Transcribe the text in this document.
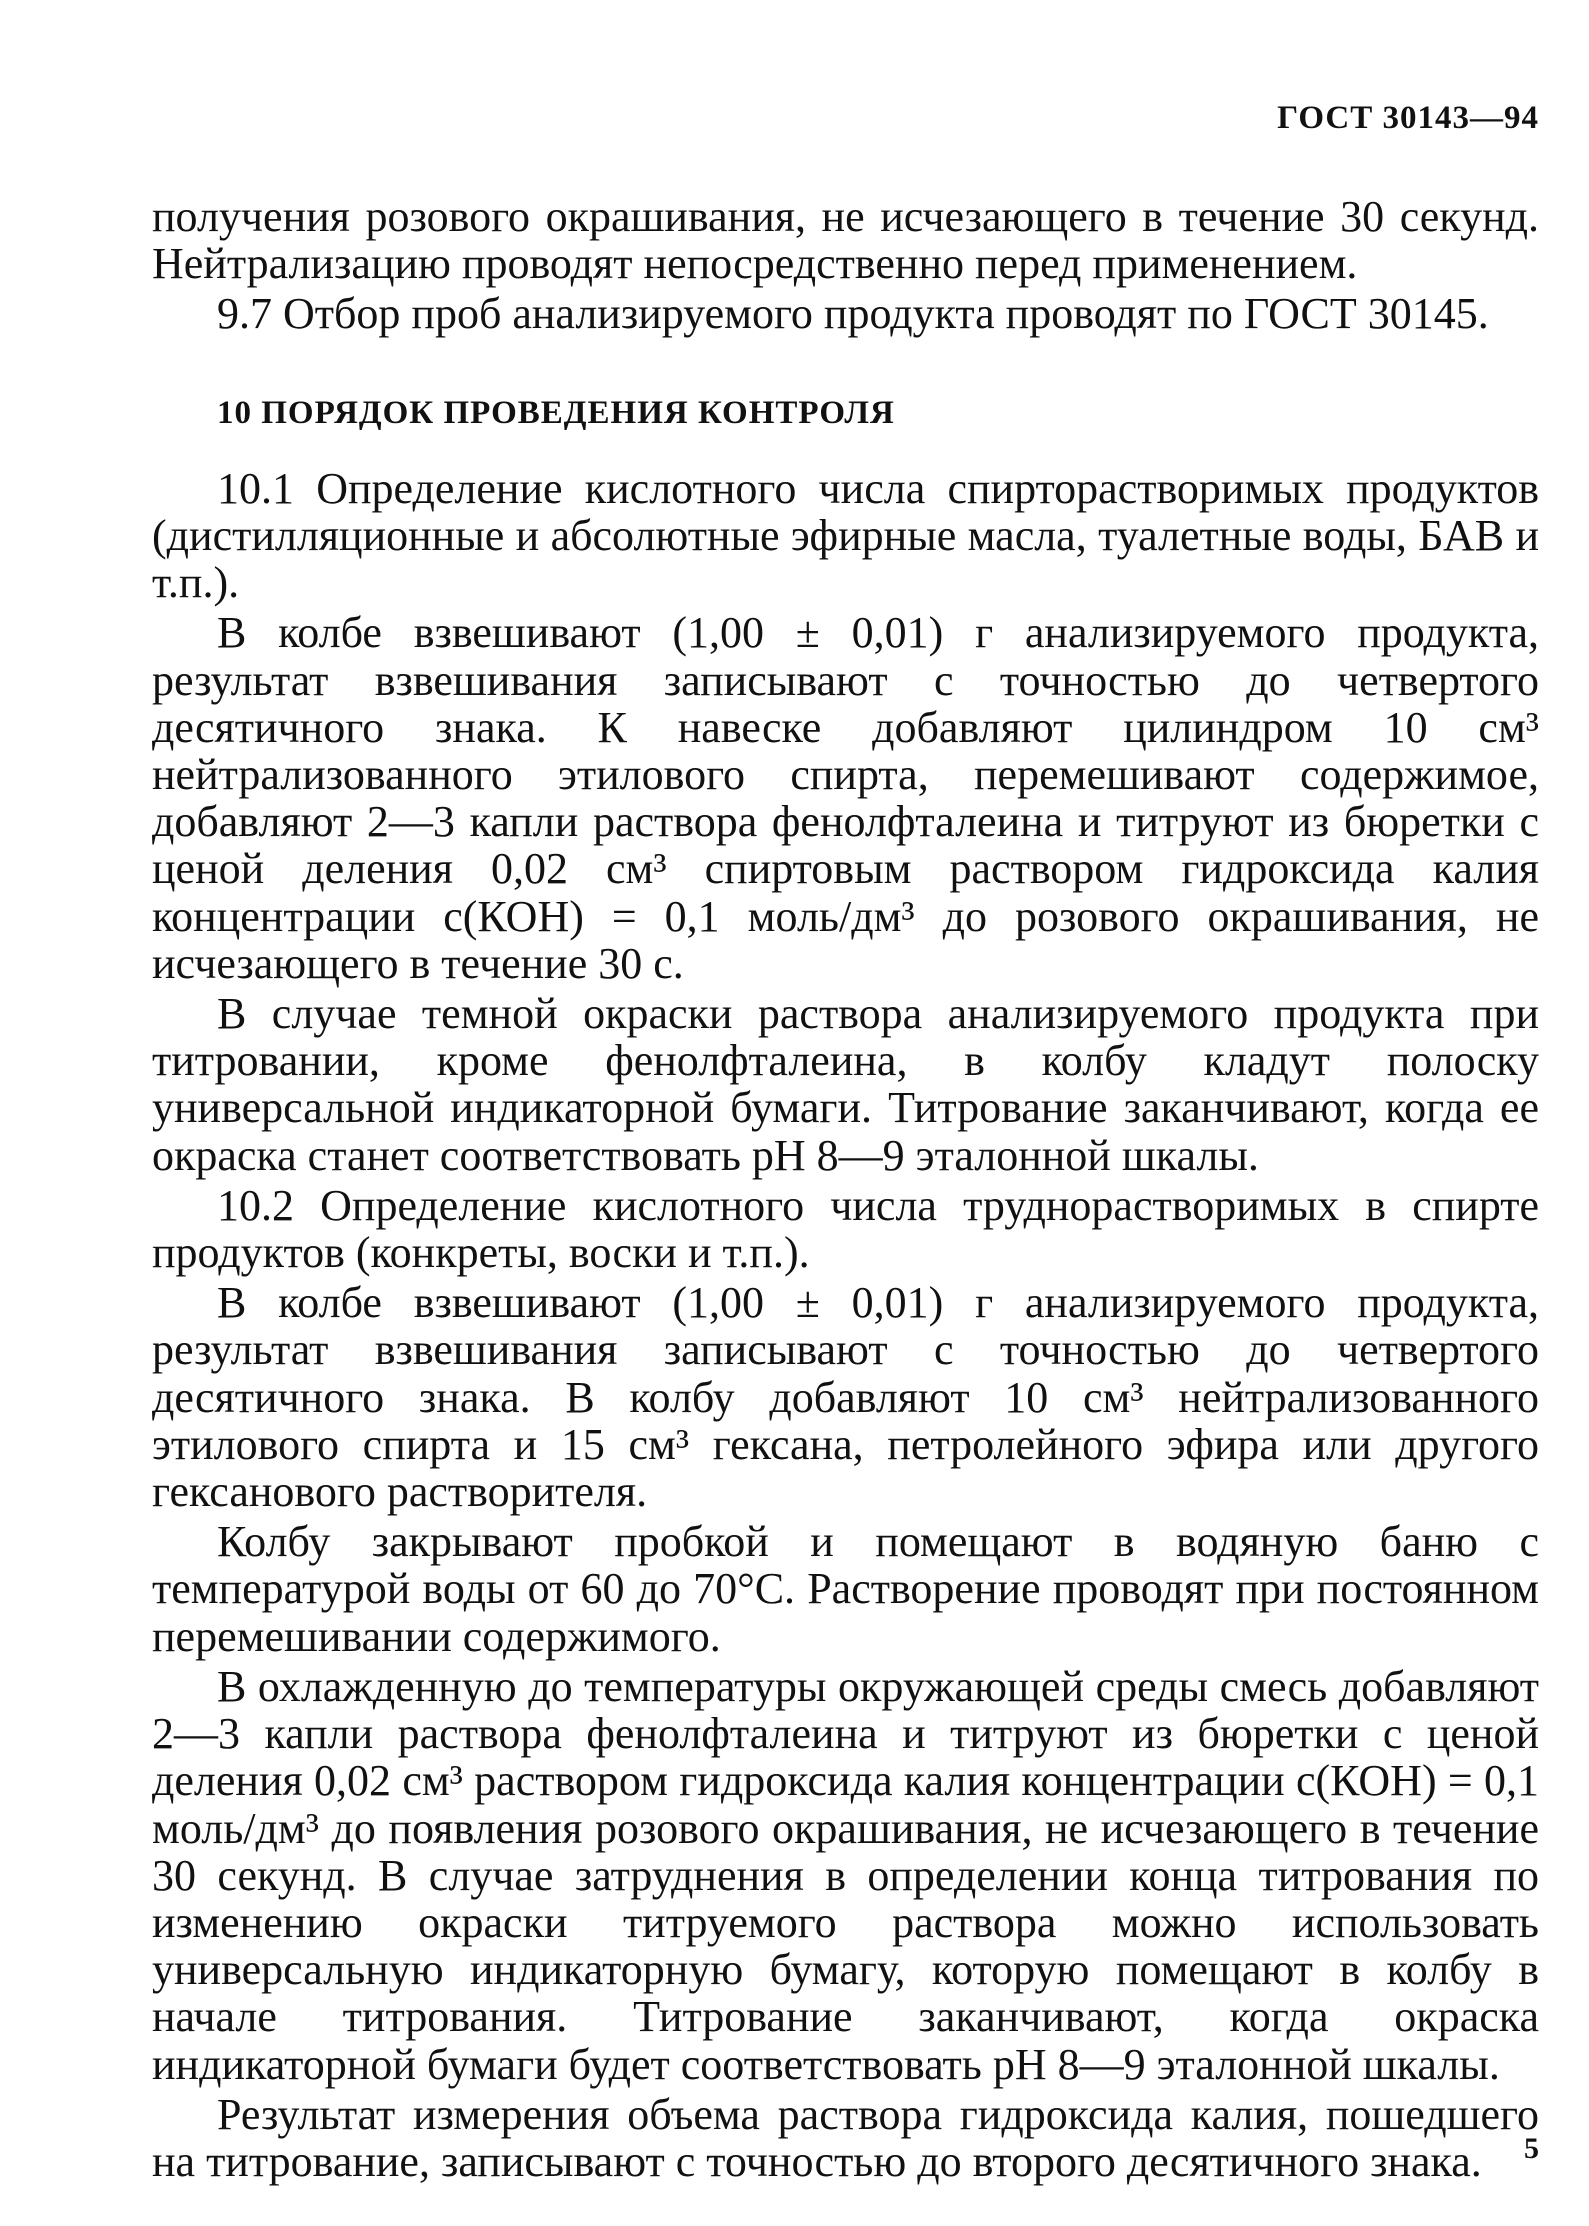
ГОСТ 30143—94

получения розового окрашивания, не исчезающего в течение 30 секунд. Нейтрализацию проводят непосредственно перед применением.

9.7 Отбор проб анализируемого продукта проводят по ГОСТ 30145.

10 ПОРЯДОК ПРОВЕДЕНИЯ КОНТРОЛЯ

10.1 Определение кислотного числа спирторастворимых продуктов (дистилляционные и абсолютные эфирные масла, туалетные воды, БАВ и т.п.).

В колбе взвешивают (1,00 ± 0,01) г анализируемого продукта, результат взвешивания записывают с точностью до четвертого десятичного знака. К навеске добавляют цилиндром 10 см³ нейтрализованного этилового спирта, перемешивают содержимое, добавляют 2—3 капли раствора фенолфталеина и титруют из бюретки с ценой деления 0,02 см³ спиртовым раствором гидроксида калия концентрации с(КОН) = 0,1 моль/дм³ до розового окрашивания, не исчезающего в течение 30 с.

В случае темной окраски раствора анализируемого продукта при титровании, кроме фенолфталеина, в колбу кладут полоску универсальной индикаторной бумаги. Титрование заканчивают, когда ее окраска станет соответствовать рН 8—9 эталонной шкалы.

10.2 Определение кислотного числа труднорастворимых в спирте продуктов (конкреты, воски и т.п.).

В колбе взвешивают (1,00 ± 0,01) г анализируемого продукта, результат взвешивания записывают с точностью до четвертого десятичного знака. В колбу добавляют 10 см³ нейтрализованного этилового спирта и 15 см³ гексана, петролейного эфира или другого гексанового растворителя.

Колбу закрывают пробкой и помещают в водяную баню с температурой воды от 60 до 70°С. Растворение проводят при постоянном перемешивании содержимого.

В охлажденную до температуры окружающей среды смесь добавляют 2—3 капли раствора фенолфталеина и титруют из бюретки с ценой деления 0,02 см³ раствором гидроксида калия концентрации с(КОН) = 0,1 моль/дм³ до появления розового окрашивания, не исчезающего в течение 30 секунд. В случае затруднения в определении конца титрования по изменению окраски титруемого раствора можно использовать универсальную индикаторную бумагу, которую помещают в колбу в начале титрования. Титрование заканчивают, когда окраска индикаторной бумаги будет соответствовать рН 8—9 эталонной шкалы.

Результат измерения объема раствора гидроксида калия, пошедшего на титрование, записывают с точностью до второго десятичного знака.	5
